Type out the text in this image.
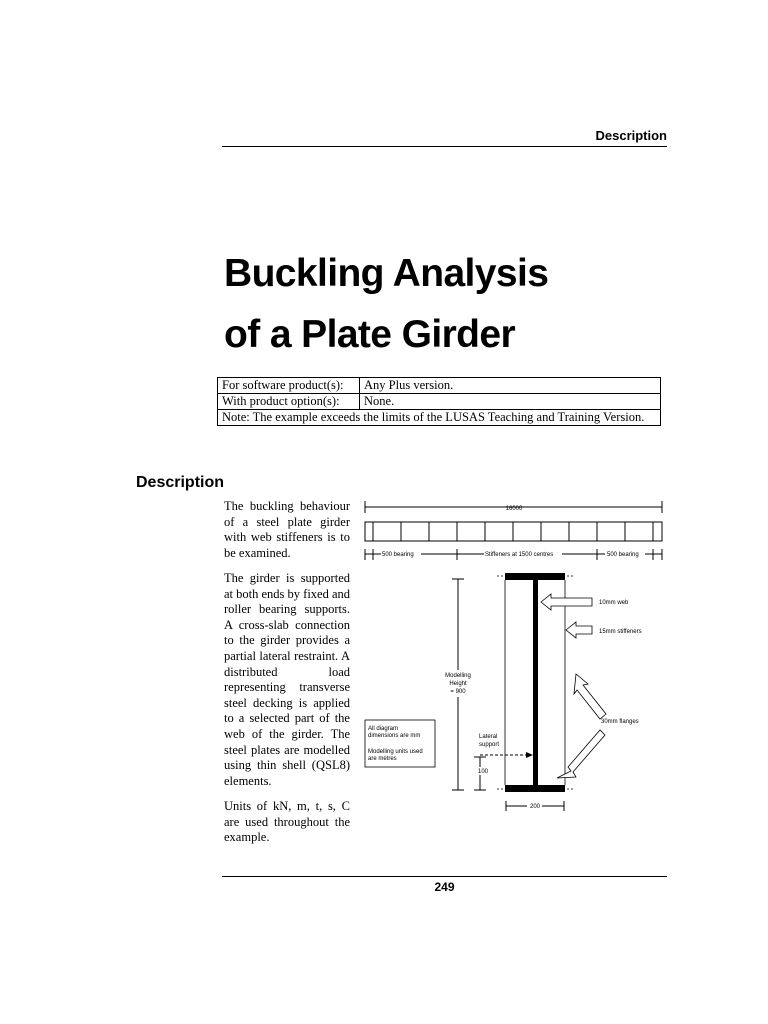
Description
Buckling Analysis
of a Plate Girder
For software product(s):	Any Plus version.
With product option(s):	None.
Note: The example exceeds the limits of the LUSAS Teaching and Training Version.	
Description

The buckling behaviour of a steel plate girder with web stiffeners is to be examined.

The girder is supported at both ends by fixed and roller bearing supports. A cross-slab connection to the girder provides a partial lateral restraint. A distributed load representing transverse steel decking is applied to a selected part of the web of the girder. The steel plates are modelled using thin shell (QSL8) elements.

Units of kN, m, t, s, C are used throughout the example.

16000
500 bearing	Stiffeners at 1500 centres	500 bearing
Modelling
Height
= 900
10mm web
15mm stiffeners
30mm flanges
Lateral
support
100
200
All diagram
dimensions are mm
Modelling units used
are metres
249
